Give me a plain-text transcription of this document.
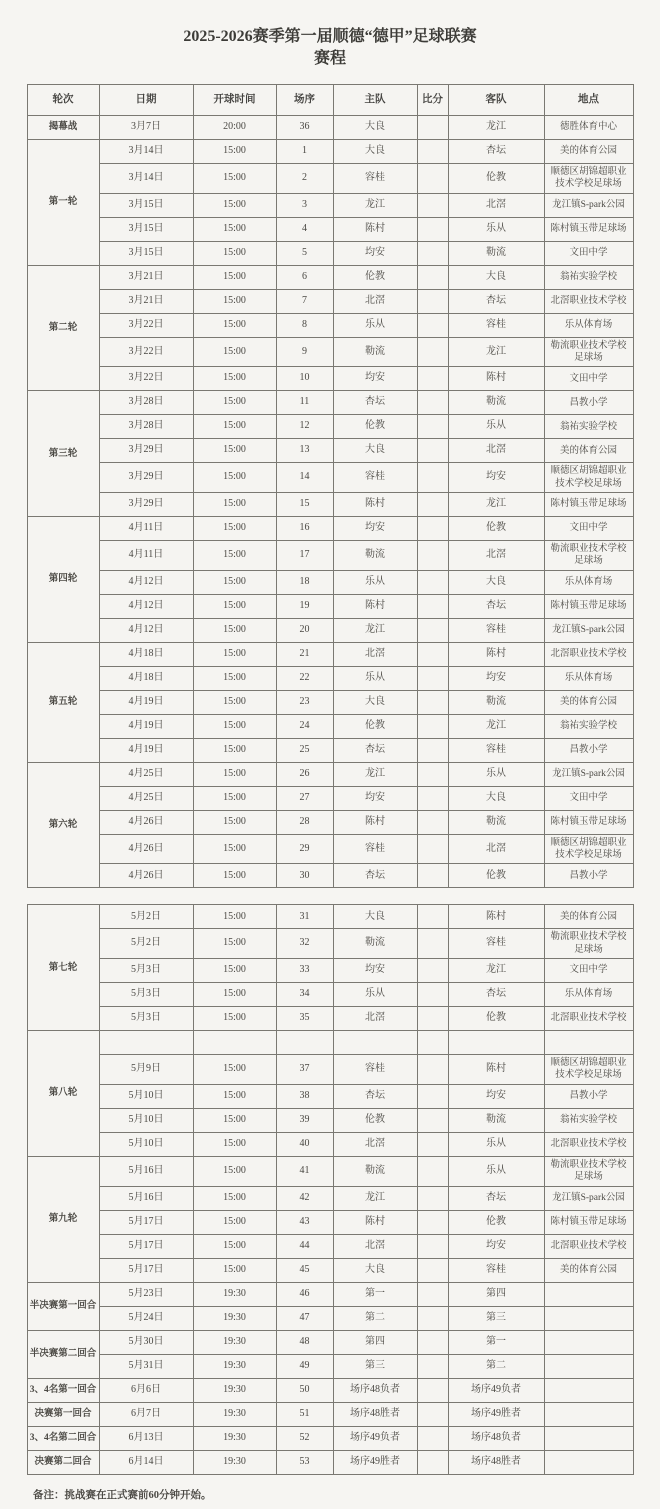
2025-2026赛季第一届顺德“德甲”足球联赛
赛程
轮次	日期	开球时间	场序	主队	比分	客队	地点
揭幕战	3月7日	20:00	36	大良		龙江	德胜体育中心
第一轮	3月14日	15:00	1	大良		杏坛	美的体育公园
	3月14日	15:00	2	容桂		伦教	顺德区胡锦超职业技术学校足球场
	3月15日	15:00	3	龙江		北滘	龙江镇S-park公园
	3月15日	15:00	4	陈村		乐从	陈村镇玉带足球场
	3月15日	15:00	5	均安		勒流	文田中学
第二轮	3月21日	15:00	6	伦教		大良	翁祐实验学校
	3月21日	15:00	7	北滘		杏坛	北滘职业技术学校
	3月22日	15:00	8	乐从		容桂	乐从体育场
	3月22日	15:00	9	勒流		龙江	勒流职业技术学校足球场
	3月22日	15:00	10	均安		陈村	文田中学
第三轮	3月28日	15:00	11	杏坛		勒流	昌教小学
	3月28日	15:00	12	伦教		乐从	翁祐实验学校
	3月29日	15:00	13	大良		北滘	美的体育公园
	3月29日	15:00	14	容桂		均安	顺德区胡锦超职业技术学校足球场
	3月29日	15:00	15	陈村		龙江	陈村镇玉带足球场
第四轮	4月11日	15:00	16	均安		伦教	文田中学
	4月11日	15:00	17	勒流		北滘	勒流职业技术学校足球场
	4月12日	15:00	18	乐从		大良	乐从体育场
	4月12日	15:00	19	陈村		杏坛	陈村镇玉带足球场
	4月12日	15:00	20	龙江		容桂	龙江镇S-park公园
第五轮	4月18日	15:00	21	北滘		陈村	北滘职业技术学校
	4月18日	15:00	22	乐从		均安	乐从体育场
	4月19日	15:00	23	大良		勒流	美的体育公园
	4月19日	15:00	24	伦教		龙江	翁祐实验学校
	4月19日	15:00	25	杏坛		容桂	昌教小学
第六轮	4月25日	15:00	26	龙江		乐从	龙江镇S-park公园
	4月25日	15:00	27	均安		大良	文田中学
	4月26日	15:00	28	陈村		勒流	陈村镇玉带足球场
	4月26日	15:00	29	容桂		北滘	顺德区胡锦超职业技术学校足球场
	4月26日	15:00	30	杏坛		伦教	昌教小学
第七轮	5月2日	15:00	31	大良		陈村	美的体育公园
	5月2日	15:00	32	勒流		容桂	勒流职业技术学校足球场
	5月3日	15:00	33	均安		龙江	文田中学
	5月3日	15:00	34	乐从		杏坛	乐从体育场
	5月3日	15:00	35	北滘		伦教	北滘职业技术学校
第八轮							
	5月9日	15:00	37	容桂		陈村	顺德区胡锦超职业技术学校足球场
	5月10日	15:00	38	杏坛		均安	昌教小学
	5月10日	15:00	39	伦教		勒流	翁祐实验学校
	5月10日	15:00	40	北滘		乐从	北滘职业技术学校
第九轮	5月16日	15:00	41	勒流		乐从	勒流职业技术学校足球场
	5月16日	15:00	42	龙江		杏坛	龙江镇S-park公园
	5月17日	15:00	43	陈村		伦教	陈村镇玉带足球场
	5月17日	15:00	44	北滘		均安	北滘职业技术学校
	5月17日	15:00	45	大良		容桂	美的体育公园
半决赛第一回合	5月23日	19:30	46	第一		第四	
	5月24日	19:30	47	第二		第三	
半决赛第二回合	5月30日	19:30	48	第四		第一	
	5月31日	19:30	49	第三		第二	
3、4名第一回合	6月6日	19:30	50	场序48负者		场序49负者	
决赛第一回合	6月7日	19:30	51	场序48胜者		场序49胜者	
3、4名第二回合	6月13日	19:30	52	场序49负者		场序48负者	
决赛第二回合	6月14日	19:30	53	场序49胜者		场序48胜者	
备注：挑战赛在正式赛前60分钟开始。
